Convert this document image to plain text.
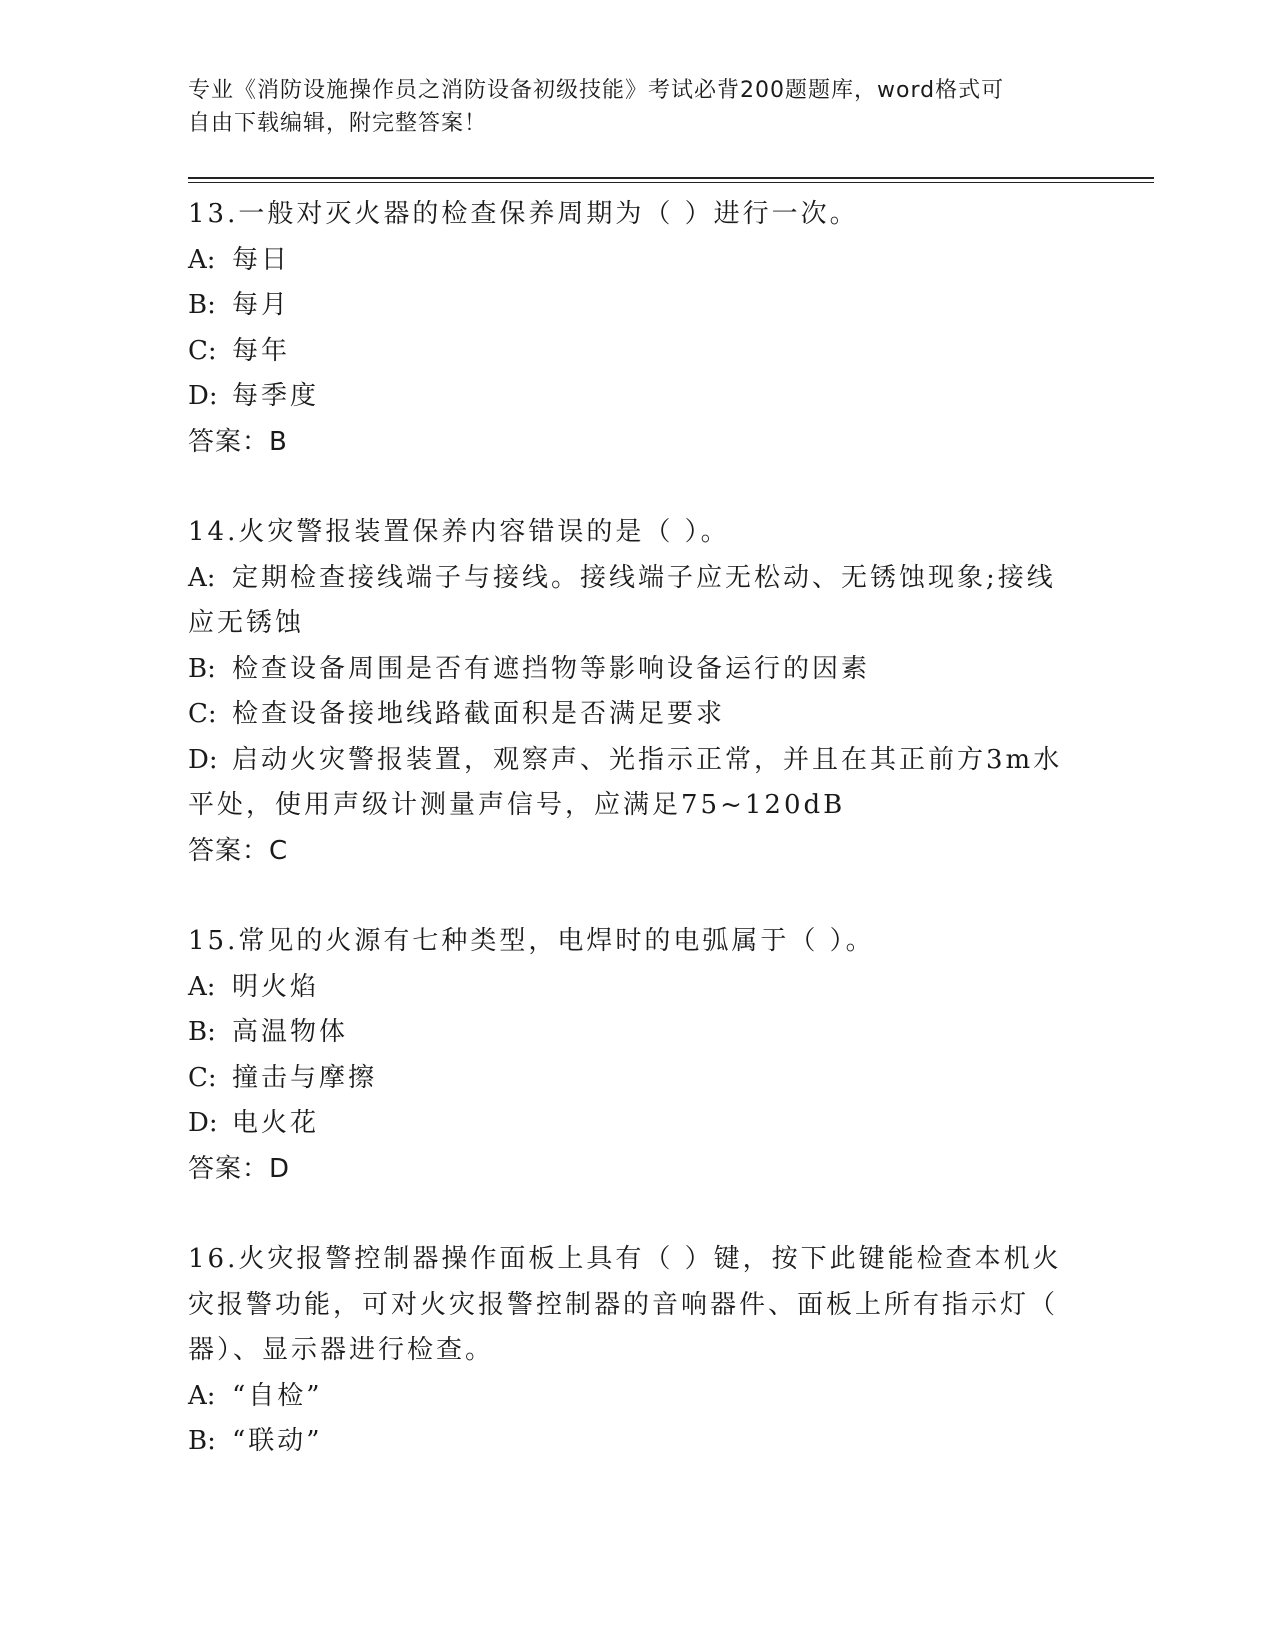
专业《消防设施操作员之消防设备初级技能》考试必背200题题库，word格式可
自由下载编辑，附完整答案！
13.一般对灭火器的检查保养周期为（ ）进行一次。
A: 每日
B: 每月
C: 每年
D: 每季度
答案：B
14.火灾警报装置保养内容错误的是（ ）。
A: 定期检查接线端子与接线。接线端子应无松动、无锈蚀现象;接线
应无锈蚀
B: 检查设备周围是否有遮挡物等影响设备运行的因素
C: 检查设备接地线路截面积是否满足要求
D: 启动火灾警报装置，观察声、光指示正常，并且在其正前方3m水
平处，使用声级计测量声信号，应满足75~120dB
答案：C
15.常见的火源有七种类型，电焊时的电弧属于（ ）。
A: 明火焰
B: 高温物体
C: 撞击与摩擦
D: 电火花
答案：D
16.火灾报警控制器操作面板上具有（ ）键，按下此键能检查本机火
灾报警功能，可对火灾报警控制器的音响器件、面板上所有指示灯（
器）、显示器进行检查。
A: “自检”
B: “联动”
